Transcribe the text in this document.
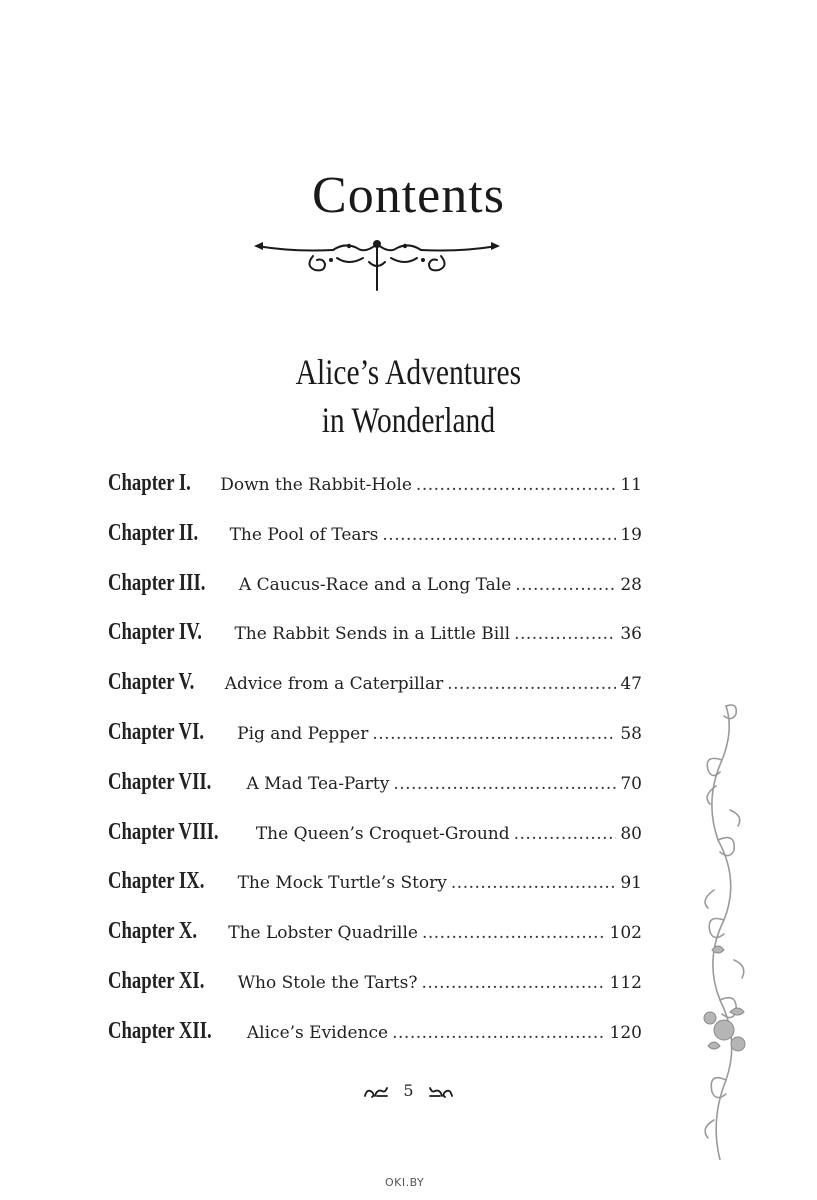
Contents
Alice’s Adventures
in Wonderland
Chapter I.	Down the Rabbit-Hole .....	11
Chapter II.	The Pool of Tears .....	19
Chapter III.	A Caucus-Race and a Long Tale .....	28
Chapter IV.	The Rabbit Sends in a Little Bill .....	36
Chapter V.	Advice from a Caterpillar .....	47
Chapter VI.	Pig and Pepper .....	58
Chapter VII.	A Mad Tea-Party .....	70
Chapter VIII.	The Queen’s Croquet-Ground .....	80
Chapter IX.	The Mock Turtle’s Story .....	91
Chapter X.	The Lobster Quadrille .....	102
Chapter XI.	Who Stole the Tarts? .....	112
Chapter XII.	Alice’s Evidence .....	120
5
OKI.BY
